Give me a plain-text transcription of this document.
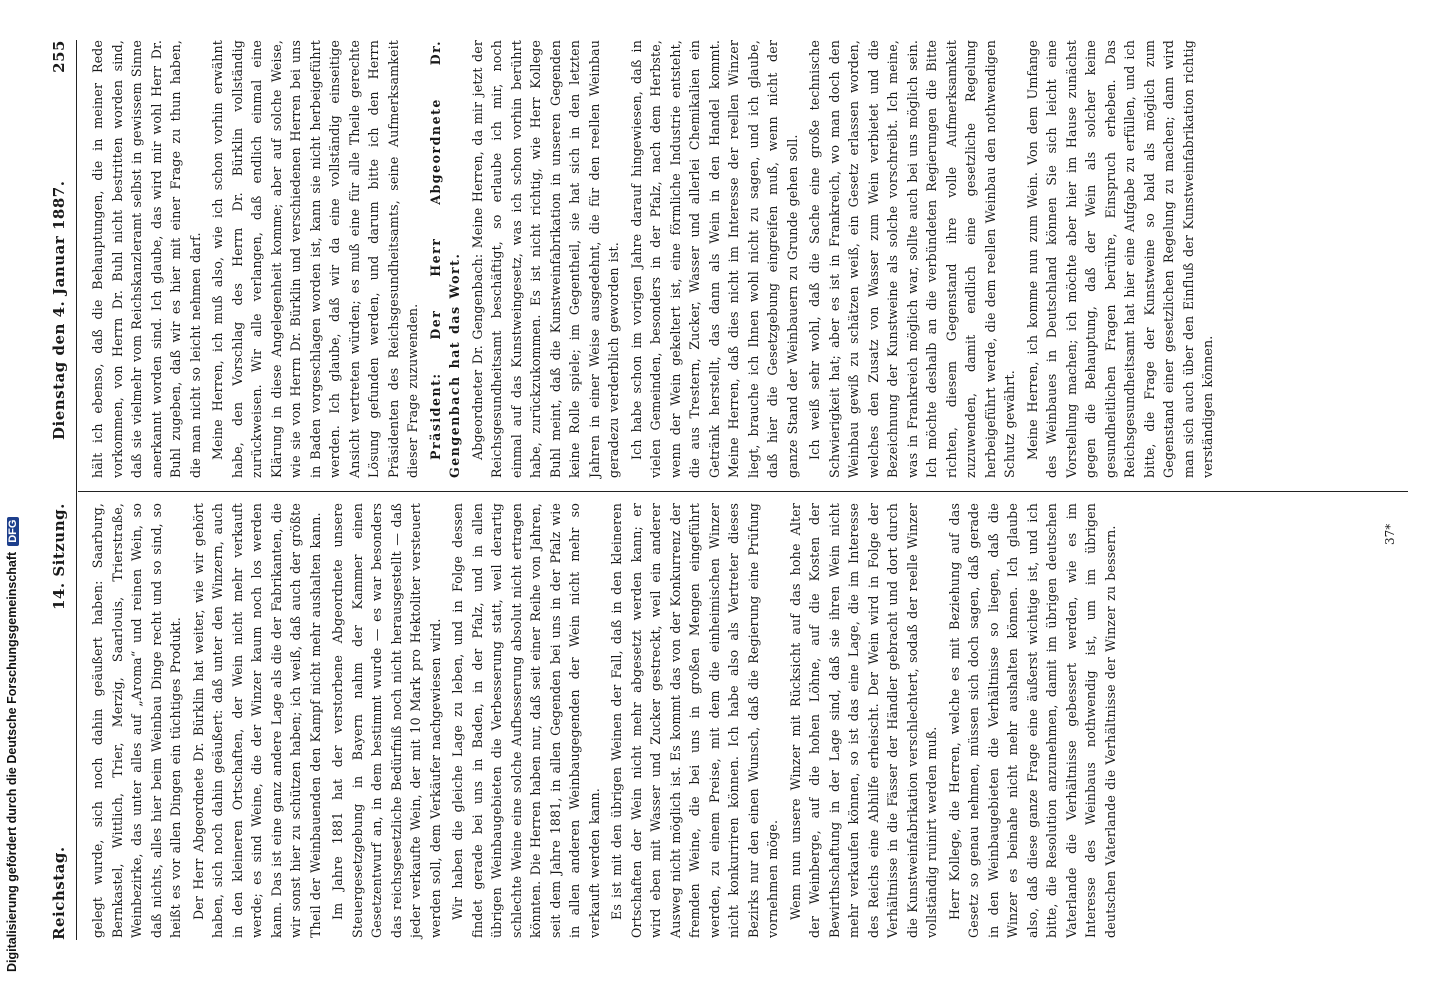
Reichstag.
14. Sitzung.
Dienstag den 4. Januar 1887.
255

gelegt wurde, sich noch dahin geäußert haben: Saarburg, Bernkastel, Wittlich, Trier, Merzig, Saarlouis, Trierstraße, Weinbezirke, das unter alles auf „Aroma“ und reinen Wein, so daß nichts, alles hier beim Weinbau Dinge recht und so sind, so heißt es vor allen Dingen ein tüchtiges Produkt. Der Herr Abgeordnete Dr. Bürklin hat weiter, wie wir gehört haben, sich noch dahin geäußert: daß unter den Winzern, auch in den kleineren Ortschaften, der Wein nicht mehr verkauft werde; es sind Weine, die der Winzer kaum noch los werden kann. Das ist eine ganz andere Lage als die der Fabrikanten, die wir sonst hier zu schützen haben; ich weiß, daß auch der größte Theil der Weinbauenden den Kampf nicht mehr aushalten kann. Im Jahre 1881 hat der verstorbene Abgeordnete unsere Steuergesetzgebung in Bayern nahm der Kammer einen Gesetzentwurf an, in dem bestimmt wurde — es war besonders das reichsgesetzliche Bedürfniß noch nicht herausgestellt — daß jeder verkaufte Wein, der mit 10 Mark pro Hektoliter versteuert werden soll, dem Verkäufer nachgewiesen wird. Wir haben die gleiche Lage zu leben, und in Folge dessen findet gerade bei uns in Baden, in der Pfalz, und in allen übrigen Weinbaugebieten die Verbesserung statt, weil derartig schlechte Weine eine solche Aufbesserung absolut nicht ertragen könnten. Die Herren haben nur, daß seit einer Reihe von Jahren, seit dem Jahre 1881, in allen Gegenden bei uns in der Pfalz wie in allen anderen Weinbaugegenden der Wein nicht mehr so verkauft werden kann. Es ist mit den übrigen Weinen der Fall, daß in den kleineren Ortschaften der Wein nicht mehr abgesetzt werden kann; er wird eben mit Wasser und Zucker gestreckt, weil ein anderer Ausweg nicht möglich ist. Es kommt das von der Konkurrenz der fremden Weine, die bei uns in großen Mengen eingeführt werden, zu einem Preise, mit dem die einheimischen Winzer nicht konkurriren können. Ich habe also als Vertreter dieses Bezirks nur den einen Wunsch, daß die Regierung eine Prüfung vornehmen möge. Wenn nun unsere Winzer mit Rücksicht auf das hohe Alter der Weinberge, auf die hohen Löhne, auf die Kosten der Bewirthschaftung in der Lage sind, daß sie ihren Wein nicht mehr verkaufen können, so ist das eine Lage, die im Interesse des Reichs eine Abhilfe erheischt. Der Wein wird in Folge der Verhältnisse in die Fässer der Händler gebracht und dort durch die Kunstweinfabrikation verschlechtert, sodaß der reelle Winzer vollständig ruinirt werden muß. Herr Kollege, die Herren, welche es mit Beziehung auf das Gesetz so genau nehmen, müssen sich doch sagen, daß gerade in den Weinbaugebieten die Verhältnisse so liegen, daß die Winzer es beinahe nicht mehr aushalten können. Ich glaube also, daß diese ganze Frage eine äußerst wichtige ist, und ich bitte, die Resolution anzunehmen, damit im übrigen deutschen Vaterlande die Verhältnisse gebessert werden, wie es im Interesse des Weinbaus nothwendig ist, um im übrigen deutschen Vaterlande die Verhältnisse der Winzer zu bessern.

hält ich ebenso, daß die Behauptungen, die in meiner Rede vorkommen, von Herrn Dr. Buhl nicht bestritten worden sind, daß sie vielmehr vom Reichskanzleramt selbst in gewissem Sinne anerkannt worden sind. Ich glaube, das wird mir wohl Herr Dr. Buhl zugeben, daß wir es hier mit einer Frage zu thun haben, die man nicht so leicht nehmen darf. Meine Herren, ich muß also, wie ich schon vorhin erwähnt habe, den Vorschlag des Herrn Dr. Bürklin vollständig zurückweisen. Wir alle verlangen, daß endlich einmal eine Klärung in diese Angelegenheit komme; aber auf solche Weise, wie sie von Herrn Dr. Bürklin und verschiedenen Herren bei uns in Baden vorgeschlagen worden ist, kann sie nicht herbeigeführt werden. Ich glaube, daß wir da eine vollständig einseitige Ansicht vertreten würden; es muß eine für alle Theile gerechte Lösung gefunden werden, und darum bitte ich den Herrn Präsidenten des Reichsgesundheitsamts, seine Aufmerksamkeit dieser Frage zuzuwenden. Präsident: Der Herr Abgeordnete Dr. Gengenbach hat das Wort. Abgeordneter Dr. Gengenbach: Meine Herren, da mir jetzt der Reichsgesundheitsamt beschäftigt, so erlaube ich mir, noch einmal auf das Kunstweingesetz, was ich schon vorhin berührt habe, zurückzukommen. Es ist nicht richtig, wie Herr Kollege Buhl meint, daß die Kunstweinfabrikation in unseren Gegenden keine Rolle spiele; im Gegentheil, sie hat sich in den letzten Jahren in einer Weise ausgedehnt, die für den reellen Weinbau geradezu verderblich geworden ist. Ich habe schon im vorigen Jahre darauf hingewiesen, daß in vielen Gemeinden, besonders in der Pfalz, nach dem Herbste, wenn der Wein gekeltert ist, eine förmliche Industrie entsteht, die aus Trestern, Zucker, Wasser und allerlei Chemikalien ein Getränk herstellt, das dann als Wein in den Handel kommt. Meine Herren, daß dies nicht im Interesse der reellen Winzer liegt, brauche ich Ihnen wohl nicht zu sagen, und ich glaube, daß hier die Gesetzgebung eingreifen muß, wenn nicht der ganze Stand der Weinbauern zu Grunde gehen soll. Ich weiß sehr wohl, daß die Sache eine große technische Schwierigkeit hat; aber es ist in Frankreich, wo man doch den Weinbau gewiß zu schätzen weiß, ein Gesetz erlassen worden, welches den Zusatz von Wasser zum Wein verbietet und die Bezeichnung der Kunstweine als solche vorschreibt. Ich meine, was in Frankreich möglich war, sollte auch bei uns möglich sein. Ich möchte deshalb an die verbündeten Regierungen die Bitte richten, diesem Gegenstand ihre volle Aufmerksamkeit zuzuwenden, damit endlich eine gesetzliche Regelung herbeigeführt werde, die dem reellen Weinbau den nothwendigen Schutz gewährt. Meine Herren, ich komme nun zum Wein. Von dem Umfange des Weinbaues in Deutschland können Sie sich leicht eine Vorstellung machen; ich möchte aber hier im Hause zunächst gegen die Behauptung, daß der Wein als solcher keine gesundheitlichen Fragen berühre, Einspruch erheben. Das Reichsgesundheitsamt hat hier eine Aufgabe zu erfüllen, und ich bitte, die Frage der Kunstweine so bald als möglich zum Gegenstand einer gesetzlichen Regelung zu machen; dann wird man sich auch über den Einfluß der Kunstweinfabrikation richtig verständigen können.

37*
Digitalisierung gefördert durch die Deutsche ForschungsgemeinschaftDFG
